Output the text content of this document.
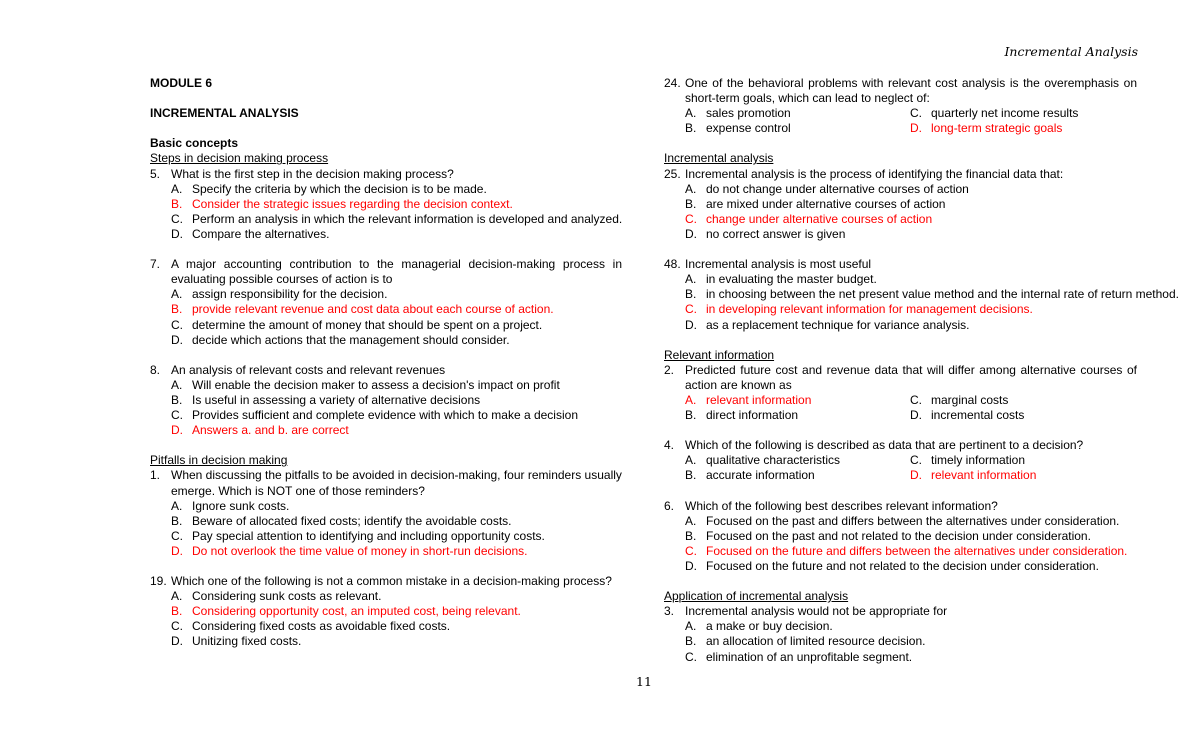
Incremental Analysis
MODULE 6
INCREMENTAL ANALYSIS
Basic concepts
Steps in decision making process
5. What is the first step in the decision making process?
A. Specify the criteria by which the decision is to be made.
B. Consider the strategic issues regarding the decision context.
C. Perform an analysis in which the relevant information is developed and analyzed.
D. Compare the alternatives.
7. A major accounting contribution to the managerial decision-making process in evaluating possible courses of action is to
A. assign responsibility for the decision.
B. provide relevant revenue and cost data about each course of action.
C. determine the amount of money that should be spent on a project.
D. decide which actions that the management should consider.
8. An analysis of relevant costs and relevant revenues
A. Will enable the decision maker to assess a decision's impact on profit
B. Is useful in assessing a variety of alternative decisions
C. Provides sufficient and complete evidence with which to make a decision
D. Answers a. and b. are correct
Pitfalls in decision making
1. When discussing the pitfalls to be avoided in decision-making, four reminders usually emerge. Which is NOT one of those reminders?
A. Ignore sunk costs.
B. Beware of allocated fixed costs; identify the avoidable costs.
C. Pay special attention to identifying and including opportunity costs.
D. Do not overlook the time value of money in short-run decisions.
19. Which one of the following is not a common mistake in a decision-making process?
A. Considering sunk costs as relevant.
B. Considering opportunity cost, an imputed cost, being relevant.
C. Considering fixed costs as avoidable fixed costs.
D. Unitizing fixed costs.
24. One of the behavioral problems with relevant cost analysis is the overemphasis on short-term goals, which can lead to neglect of:
A. sales promotion	C. quarterly net income results
B. expense control	D. long-term strategic goals
Incremental analysis
25. Incremental analysis is the process of identifying the financial data that:
A. do not change under alternative courses of action
B. are mixed under alternative courses of action
C. change under alternative courses of action
D. no correct answer is given
48. Incremental analysis is most useful
A. in evaluating the master budget.
B. in choosing between the net present value method and the internal rate of return method.
C. in developing relevant information for management decisions.
D. as a replacement technique for variance analysis.
Relevant information
2. Predicted future cost and revenue data that will differ among alternative courses of action are known as
A. relevant information	C. marginal costs
B. direct information	D. incremental costs
4. Which of the following is described as data that are pertinent to a decision?
A. qualitative characteristics	C. timely information
B. accurate information	D. relevant information
6. Which of the following best describes relevant information?
A. Focused on the past and differs between the alternatives under consideration.
B. Focused on the past and not related to the decision under consideration.
C. Focused on the future and differs between the alternatives under consideration.
D. Focused on the future and not related to the decision under consideration.
Application of incremental analysis
3. Incremental analysis would not be appropriate for
A. a make or buy decision.
B. an allocation of limited resource decision.
C. elimination of an unprofitable segment.
11
